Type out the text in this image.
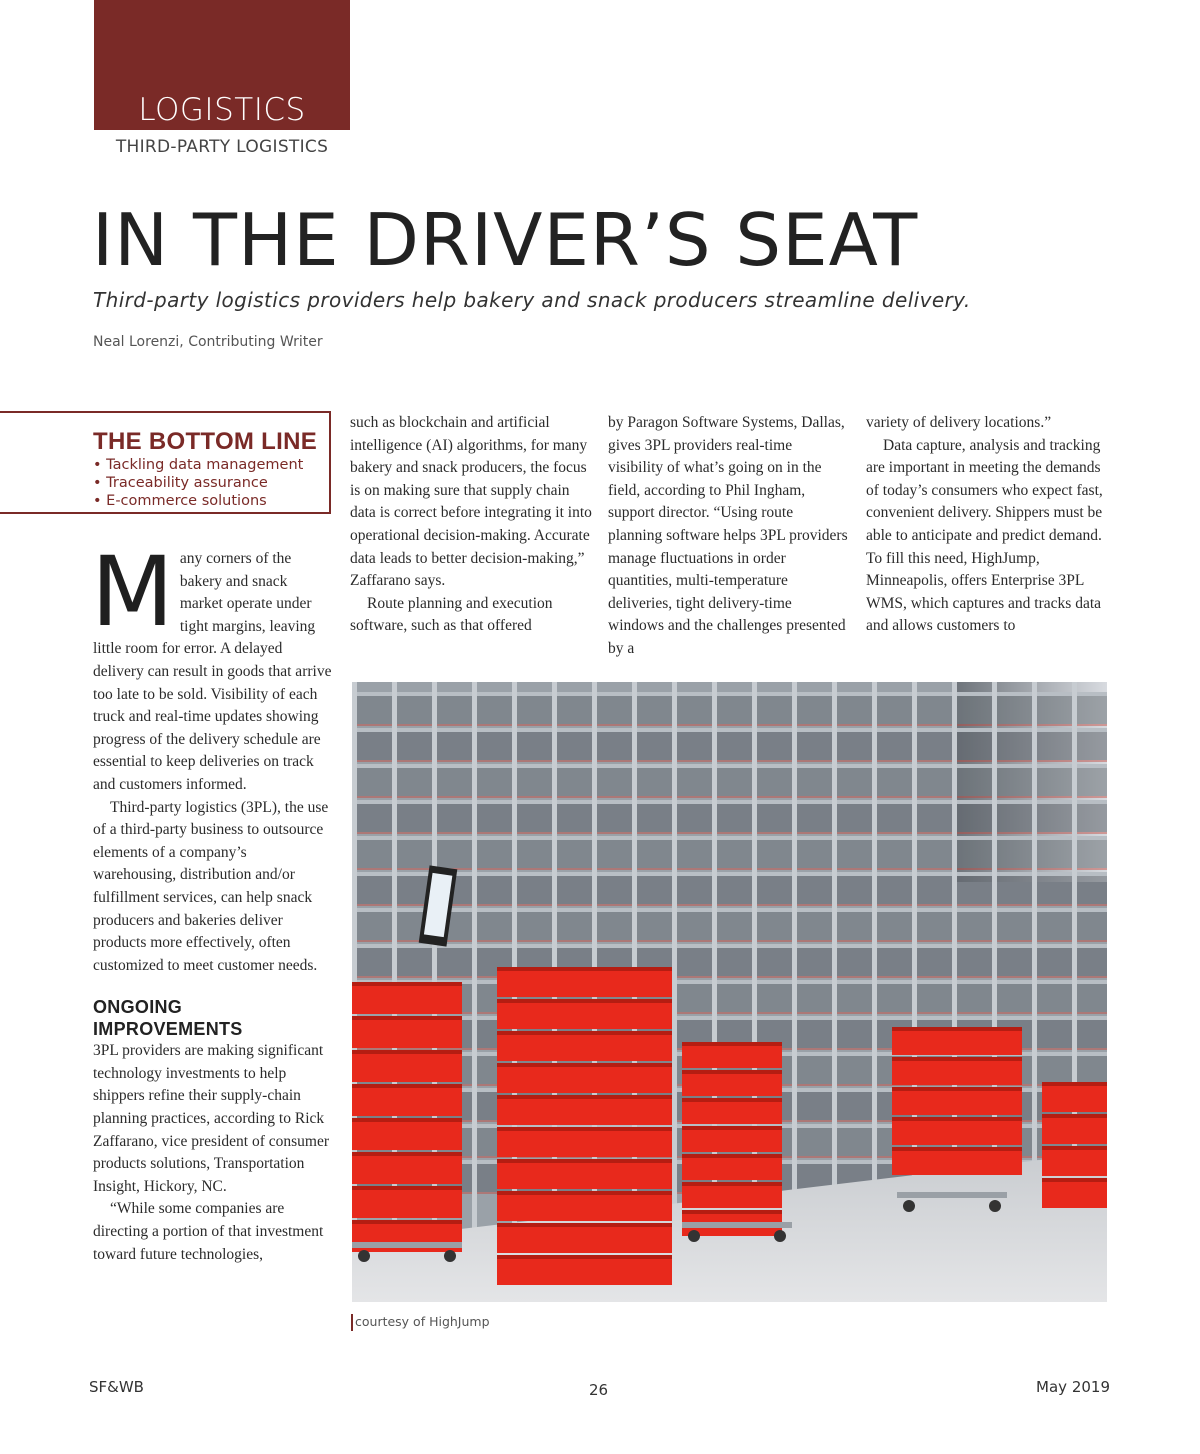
LOGISTICS
THIRD-PARTY LOGISTICS
IN THE DRIVER’S SEAT
Third-party logistics providers help bakery and snack producers streamline delivery.
Neal Lorenzi, Contributing Writer
THE BOTTOM LINE
• Tackling data management
• Traceability assurance
• E-commerce solutions

Many corners of the bakery and snack market operate under tight margins, leaving little room for error. A delayed delivery can result in goods that arrive too late to be sold. Visibility of each truck and real-time updates showing progress of the delivery schedule are essential to keep deliveries on track and customers informed.

Third-party logistics (3PL), the use of a third-party business to outsource elements of a company’s warehousing, distribution and/or fulfillment services, can help snack producers and bakeries deliver products more effectively, often customized to meet customer needs.

ONGOING IMPROVEMENTS

3PL providers are making significant technology investments to help shippers refine their supply-chain planning practices, according to Rick Zaffarano, vice president of consumer products solutions, Transportation Insight, Hickory, NC.

“While some companies are directing a portion of that investment toward future technologies,

such as blockchain and artificial intelligence (AI) algorithms, for many bakery and snack producers, the focus is on making sure that supply chain data is correct before integrating it into operational decision-making. Accurate data leads to better decision-making,” Zaffarano says.

Route planning and execution software, such as that offered

by Paragon Software Systems, Dallas, gives 3PL providers real-time visibility of what’s going on in the field, according to Phil Ingham, support director. “Using route planning software helps 3PL providers manage fluctuations in order quantities, multi-temperature deliveries, tight delivery-time windows and the challenges presented by a

variety of delivery locations.”

Data capture, analysis and tracking are important in meeting the demands of today’s consumers who expect fast, convenient delivery. Shippers must be able to anticipate and predict demand. To fill this need, HighJump, Minneapolis, offers Enterprise 3PL WMS, which captures and tracks data and allows customers to

courtesy of HighJump
SF&WB	26	May 2019
